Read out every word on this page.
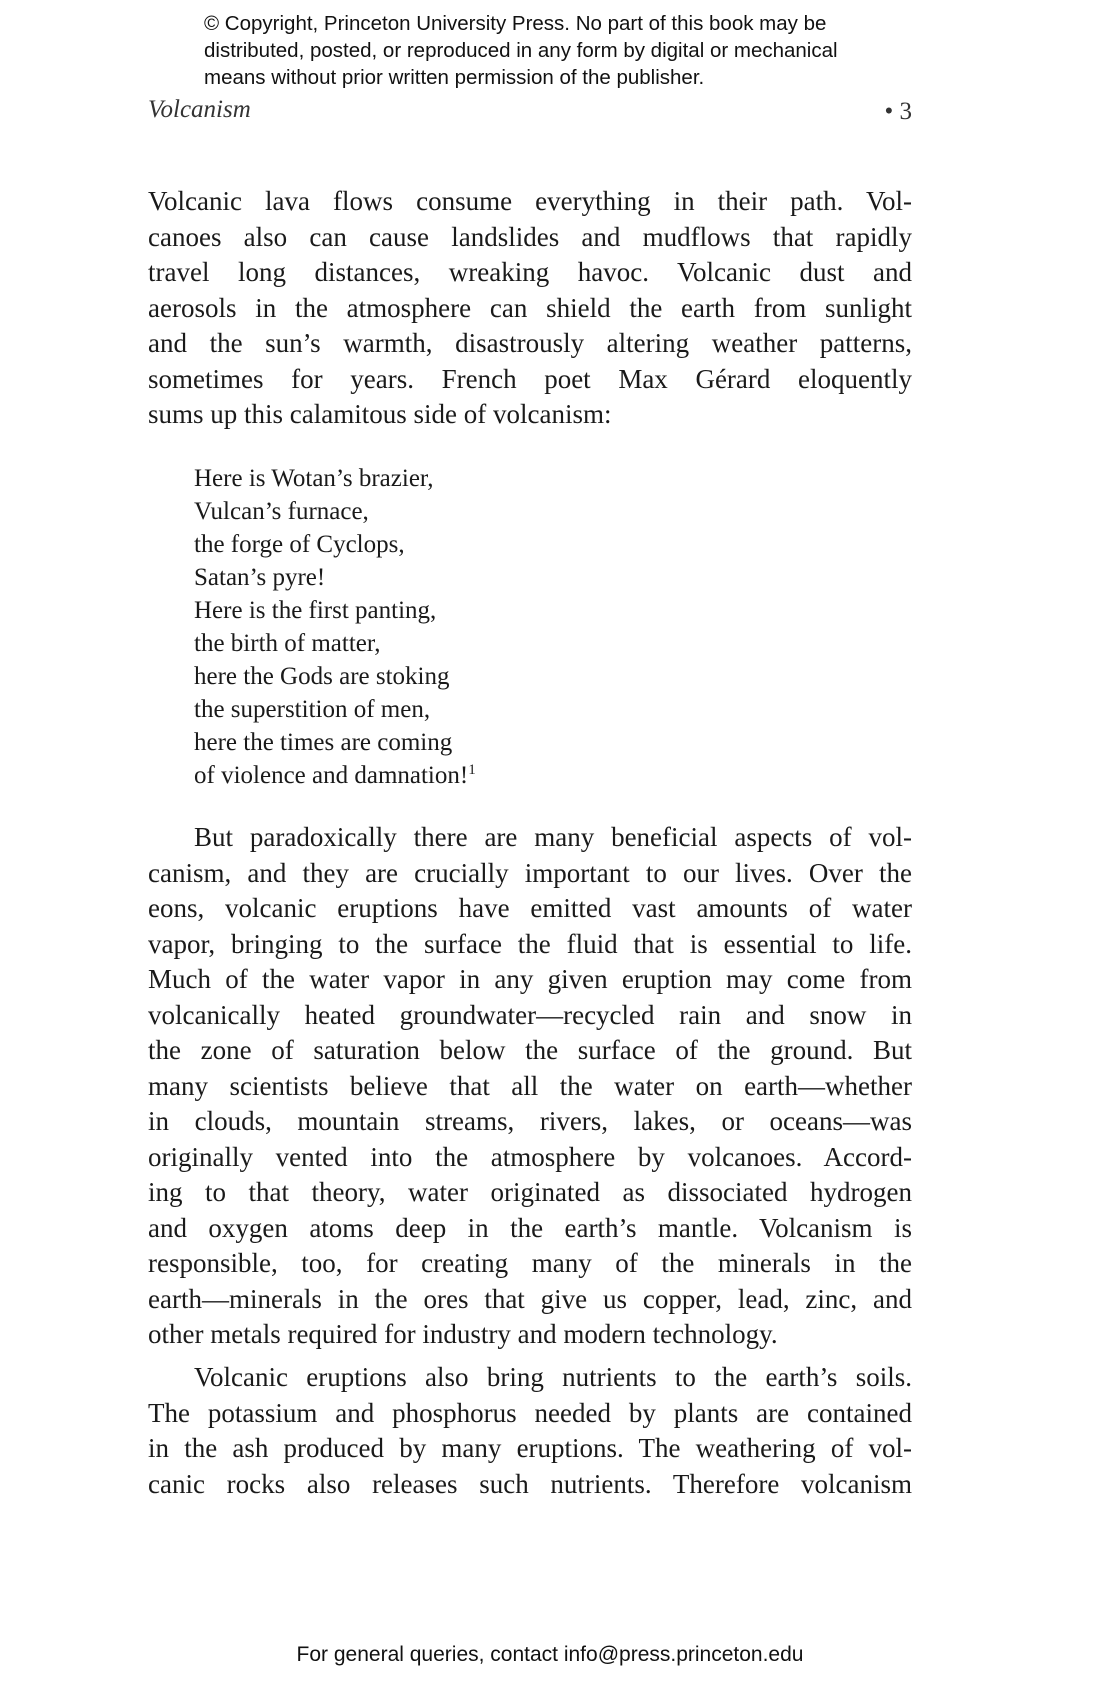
© Copyright, Princeton University Press. No part of this book may be
distributed, posted, or reproduced in any form by digital or mechanical
means without prior written permission of the publisher.
Volcanism	• 3
Volcanic lava flows consume everything in their path. Vol-
canoes also can cause landslides and mudflows that rapidly
travel long distances, wreaking havoc. Volcanic dust and
aerosols in the atmosphere can shield the earth from sunlight
and the sun’s warmth, disastrously altering weather patterns,
sometimes for years. French poet Max Gérard eloquently
sums up this calamitous side of volcanism:
Here is Wotan’s brazier,
Vulcan’s furnace,
the forge of Cyclops,
Satan’s pyre!
Here is the first panting,
the birth of matter,
here the Gods are stoking
the superstition of men,
here the times are coming
of violence and damnation!$^1$
But paradoxically there are many beneficial aspects of vol-
canism, and they are crucially important to our lives. Over the
eons, volcanic eruptions have emitted vast amounts of water
vapor, bringing to the surface the fluid that is essential to life.
Much of the water vapor in any given eruption may come from
volcanically heated groundwater—recycled rain and snow in
the zone of saturation below the surface of the ground. But
many scientists believe that all the water on earth—whether
in clouds, mountain streams, rivers, lakes, or oceans—was
originally vented into the atmosphere by volcanoes. Accord-
ing to that theory, water originated as dissociated hydrogen
and oxygen atoms deep in the earth’s mantle. Volcanism is
responsible, too, for creating many of the minerals in the
earth—minerals in the ores that give us copper, lead, zinc, and
other metals required for industry and modern technology.
Volcanic eruptions also bring nutrients to the earth’s soils.
The potassium and phosphorus needed by plants are contained
in the ash produced by many eruptions. The weathering of vol-
canic rocks also releases such nutrients. Therefore volcanism
For general queries, contact info@press.princeton.edu
